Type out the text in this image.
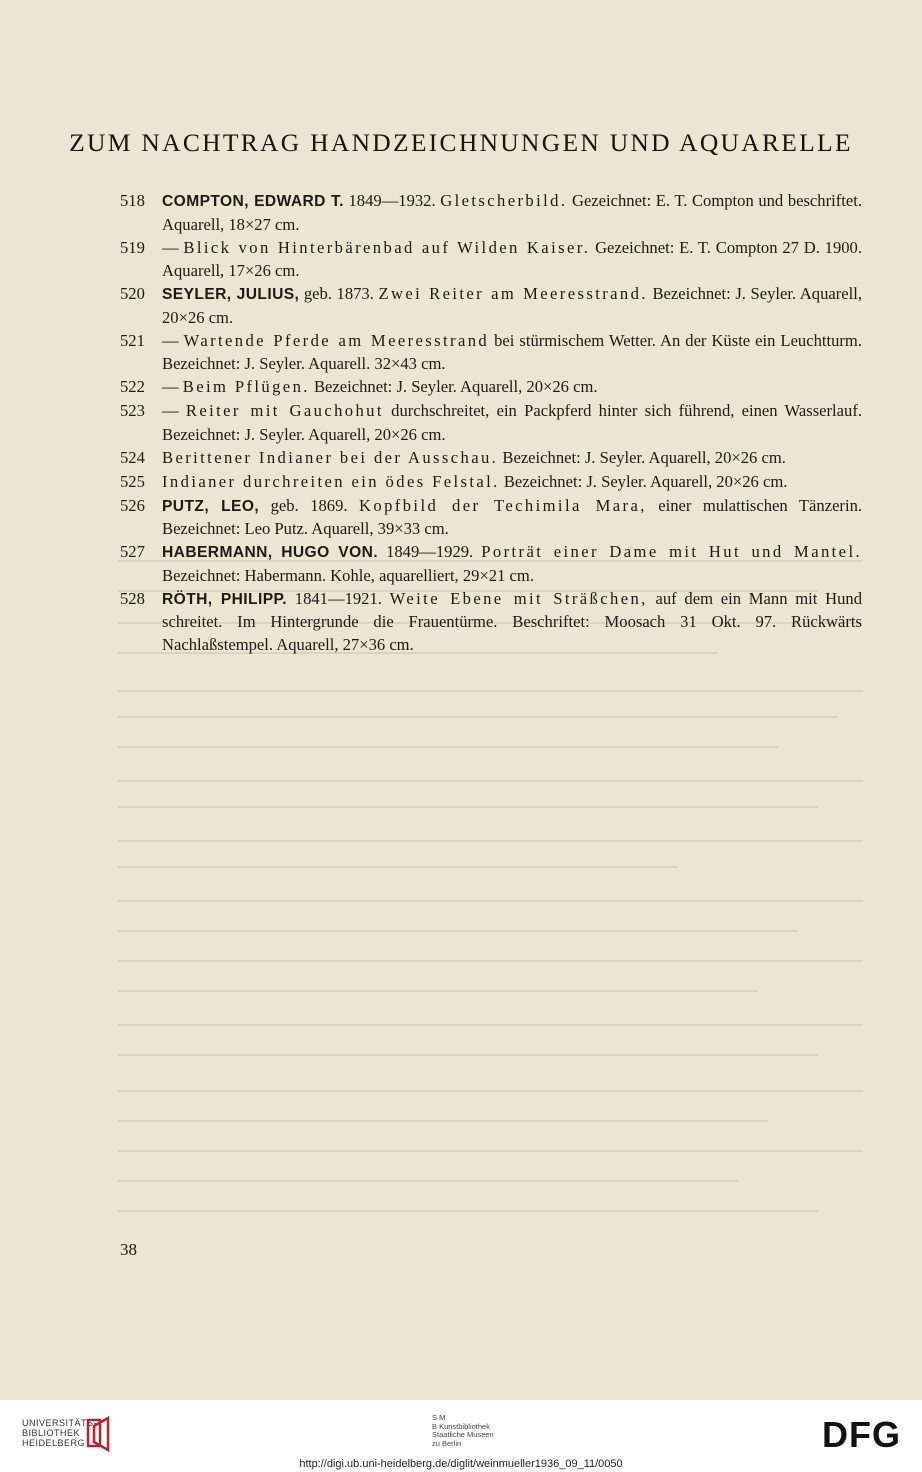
ZUM NACHTRAG HANDZEICHNUNGEN UND AQUARELLE
518	COMPTON, EDWARD T. 1849—1932. Gletscherbild. Gezeichnet: E. T. Compton und beschriftet. Aquarell, 18×27 cm.
519	— Blick von Hinterbärenbad auf Wilden Kaiser. Gezeichnet: E. T. Compton 27 D. 1900. Aquarell, 17×26 cm.
520	SEYLER, JULIUS, geb. 1873. Zwei Reiter am Meeresstrand. Bezeichnet: J. Seyler. Aquarell, 20×26 cm.
521	— Wartende Pferde am Meeresstrand bei stürmischem Wetter. An der Küste ein Leuchtturm. Bezeichnet: J. Seyler. Aquarell. 32×43 cm.
522	— Beim Pflügen. Bezeichnet: J. Seyler. Aquarell, 20×26 cm.
523	— Reiter mit Gauchohut durchschreitet, ein Packpferd hinter sich führend, einen Wasserlauf. Bezeichnet: J. Seyler. Aquarell, 20×26 cm.
524	Berittener Indianer bei der Ausschau. Bezeichnet: J. Seyler. Aquarell, 20×26 cm.
525	Indianer durchreiten ein ödes Felstal. Bezeichnet: J. Seyler. Aquarell, 20×26 cm.
526	PUTZ, LEO, geb. 1869. Kopfbild der Techimila Mara, einer mulattischen Tänzerin. Bezeichnet: Leo Putz. Aquarell, 39×33 cm.
527	HABERMANN, HUGO VON. 1849—1929. Porträt einer Dame mit Hut und Mantel. Bezeichnet: Habermann. Kohle, aquarelliert, 29×21 cm.
528	RÖTH, PHILIPP. 1841—1921. Weite Ebene mit Sträßchen, auf dem ein Mann mit Hund schreitet. Im Hintergrunde die Frauentürme. Beschriftet: Moosach 31 Okt. 97. Rückwärts Nachlaßstempel. Aquarell, 27×36 cm.
38
UNIVERSITÄTS-
BIBLIOTHEK
HEIDELBERG
S M
B Kunstbibliothek
Staatliche Museen
zu Berlin	DFG
http://digi.ub.uni-heidelberg.de/diglit/weinmueller1936_09_11/0050
